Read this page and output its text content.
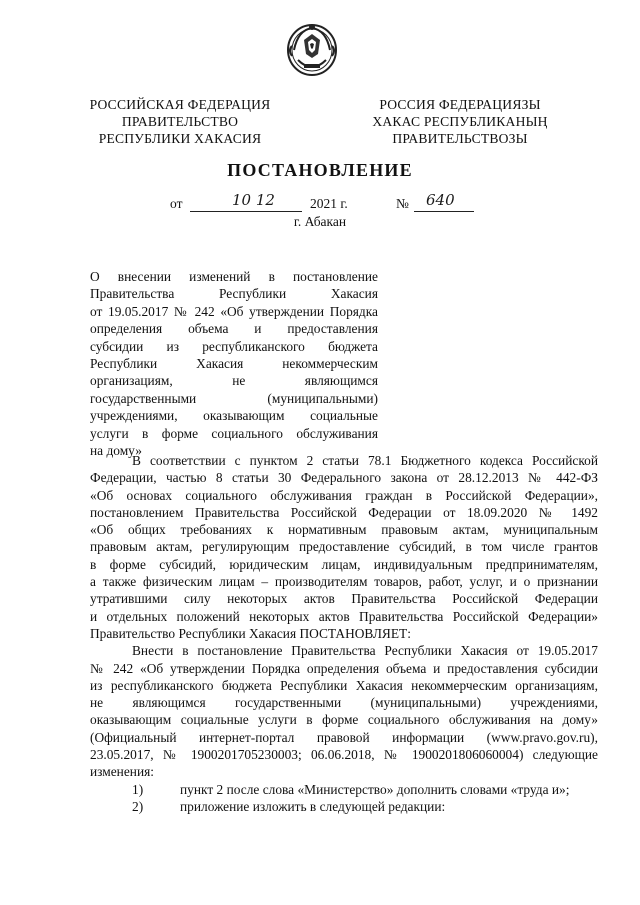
РОССИЙСКАЯ ФЕДЕРАЦИЯ
ПРАВИТЕЛЬСТВО
РЕСПУБЛИКИ ХАКАСИЯ
РОССИЯ ФЕДЕРАЦИЯЗЫ
ХАКАС РЕСПУБЛИКАНЫҢ
ПРАВИТЕЛЬСТВОЗЫ
ПОСТАНОВЛЕНИЕ
от	10 12	2021 г.	№ 640
г. Абакан
О внесении изменений в постановление
Правительства Республики Хакасия
от 19.05.2017 № 242 «Об утверждении Порядка
определения объема и предоставления
субсидии из республиканского бюджета
Республики Хакасия некоммерческим
организациям, не являющимся
государственными (муниципальными)
учреждениями, оказывающим социальные
услуги в форме социального обслуживания
на дому»
В соответствии с пунктом 2 статьи 78.1 Бюджетного кодекса Российской
Федерации, частью 8 статьи 30 Федерального закона от 28.12.2013 № 442-ФЗ
«Об основах социального обслуживания граждан в Российской Федерации»,
постановлением Правительства Российской Федерации от 18.09.2020 № 1492
«Об общих требованиях к нормативным правовым актам, муниципальным
правовым актам, регулирующим предоставление субсидий, в том числе грантов
в форме субсидий, юридическим лицам, индивидуальным предпринимателям,
а также физическим лицам – производителям товаров, работ, услуг, и о признании
утратившими силу некоторых актов Правительства Российской Федерации
и отдельных положений некоторых актов Правительства Российской Федерации»
Правительство Республики Хакасия ПОСТАНОВЛЯЕТ:
Внести в постановление Правительства Республики Хакасия от 19.05.2017
№ 242 «Об утверждении Порядка определения объема и предоставления субсидии
из республиканского бюджета Республики Хакасия некоммерческим организациям,
не являющимся государственными (муниципальными) учреждениями,
оказывающим социальные услуги в форме социального обслуживания на дому»
(Официальный интернет-портал правовой информации (www.pravo.gov.ru),
23.05.2017, № 1900201705230003; 06.06.2018, № 1900201806060004) следующие
изменения:
1)	пункт 2 после слова «Министерство» дополнить словами «труда и»;
2)	приложение изложить в следующей редакции:
